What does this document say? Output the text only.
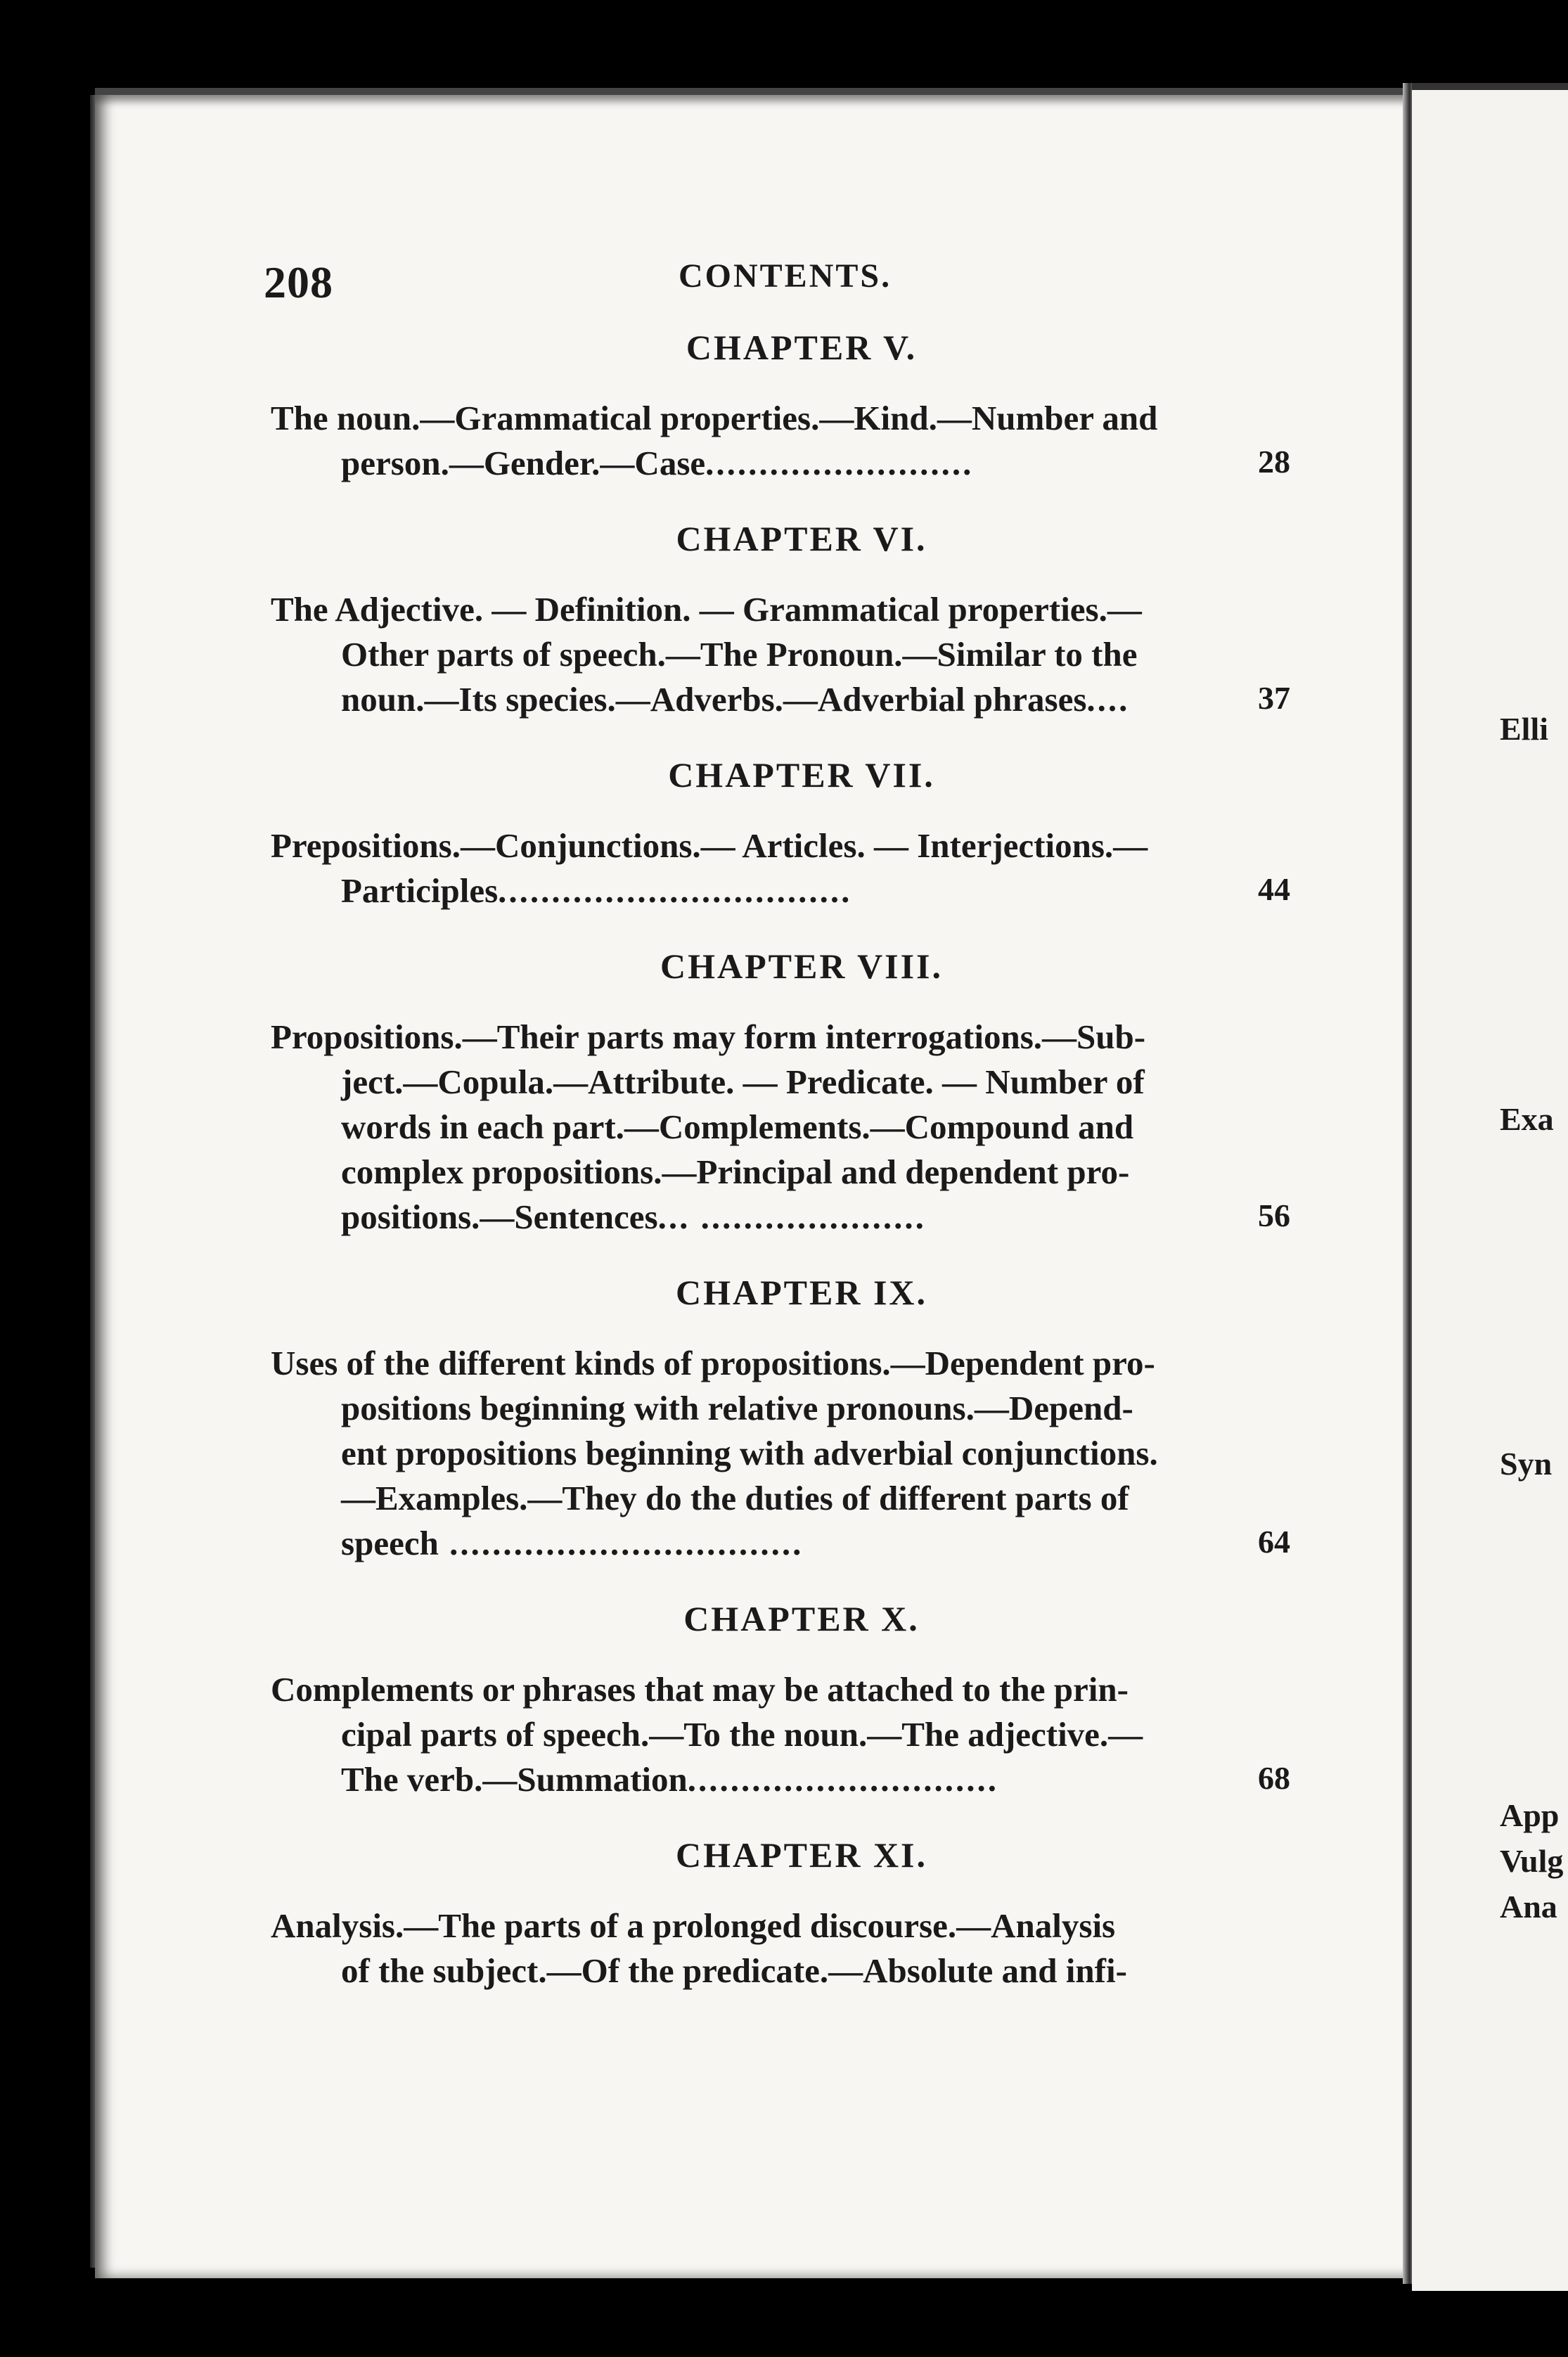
208	CONTENTS.
CHAPTER V.
The noun.—Grammatical properties.—Kind.—Number and
person.—Gender.—Case.........................	28
CHAPTER VI.
The Adjective. — Definition. — Grammatical properties.—
Other parts of speech.—The Pronoun.—Similar to the
noun.—Its species.—Adverbs.—Adverbial phrases....	37
CHAPTER VII.
Prepositions.—Conjunctions.— Articles. — Interjections.—
Participles.................................	44
CHAPTER VIII.
Propositions.—Their parts may form interrogations.—Sub-
ject.—Copula.—Attribute. — Predicate. — Number of
words in each part.—Complements.—Compound and
complex propositions.—Principal and dependent pro-
positions.—Sentences... .....................	56
CHAPTER IX.
Uses of the different kinds of propositions.—Dependent pro-
positions beginning with relative pronouns.—Depend-
ent propositions beginning with adverbial conjunctions.
—Examples.—They do the duties of different parts of
speech .................................	64
CHAPTER X.
Complements or phrases that may be attached to the prin-
cipal parts of speech.—To the noun.—The adjective.—
The verb.—Summation.............................	68
CHAPTER XI.
Analysis.—The parts of a prolonged discourse.—Analysis
of the subject.—Of the predicate.—Absolute and infi-
Elli
Exa
Syn
App
Vulg
Ana
